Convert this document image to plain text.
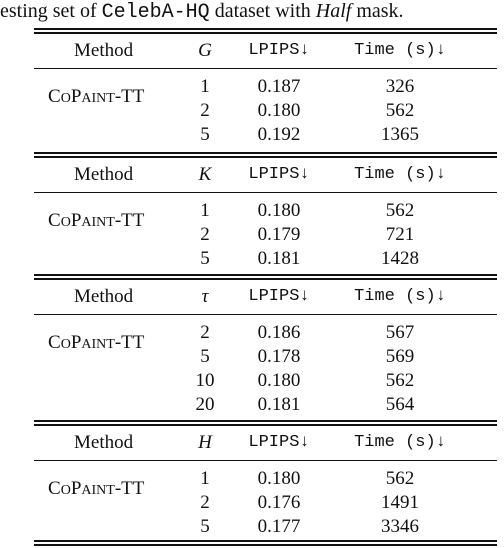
esting set of CelebA-HQ dataset with Half mask.
Method	G	LPIPS↓	Time (s)↓
COPAINT-TT	1	0.187	326
2	0.180	562
5	0.192	1365
Method	K	LPIPS↓	Time (s)↓
COPAINT-TT	1	0.180	562
2	0.179	721
5	0.181	1428
Method	τ	LPIPS↓	Time (s)↓
COPAINT-TT	2	0.186	567
5	0.178	569
10	0.180	562
20	0.181	564
Method	H	LPIPS↓	Time (s)↓
COPAINT-TT	1	0.180	562
2	0.176	1491
5	0.177	3346
